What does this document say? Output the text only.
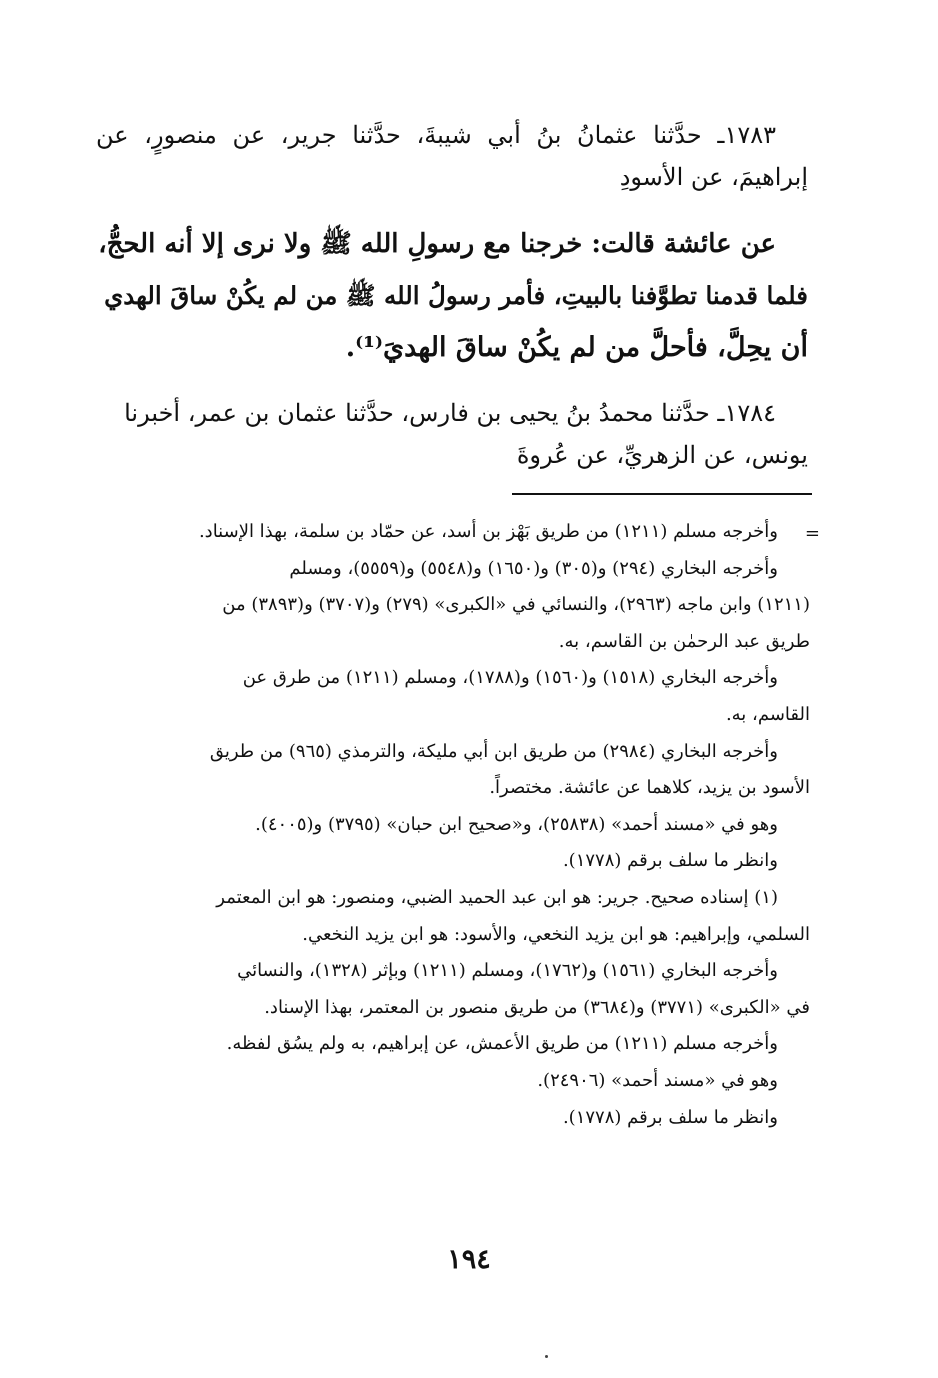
١٧٨٣ـ حدَّثنا عثمانُ بنُ أبي شيبةَ، حدَّثنا جرير، عن منصورٍ، عن
إبراهيمَ، عن الأسودِ
عن عائشة قالت: خرجنا مع رسولِ الله ﷺ ولا نرى إلا أنه الحجُّ،
فلما قدمنا تطوَّفنا بالبيتِ، فأمر رسولُ الله ﷺ من لم يكُنْ ساقَ الهدي
أن يحِلَّ، فأحلَّ من لم يكُنْ ساقَ الهديَ⁽¹⁾.
١٧٨٤ـ حدَّثنا محمدُ بنُ يحيى بن فارس، حدَّثنا عثمان بن عمر، أخبرنا
يونس، عن الزهريِّ، عن عُروةَ
=
وأخرجه مسلم (١٢١١) من طريق بَهْز بن أسد، عن حمّاد بن سلمة، بهذا الإسناد.
وأخرجه البخاري (٢٩٤) و(٣٠٥) و(١٦٥٠) و(٥٥٤٨) و(٥٥٥٩)، ومسلم
(١٢١١) وابن ماجه (٢٩٦٣)، والنسائي في «الكبرى» (٢٧٩) و(٣٧٠٧) و(٣٨٩٣) من
طريق عبد الرحمٰن بن القاسم، به.
وأخرجه البخاري (١٥١٨) و(١٥٦٠) و(١٧٨٨)، ومسلم (١٢١١) من طرق عن
القاسم، به.
وأخرجه البخاري (٢٩٨٤) من طريق ابن أبي مليكة، والترمذي (٩٦٥) من طريق
الأسود بن يزيد، كلاهما عن عائشة. مختصراً.
وهو في «مسند أحمد» (٢٥٨٣٨)، و«صحيح ابن حبان» (٣٧٩٥) و(٤٠٠٥).
وانظر ما سلف برقم (١٧٧٨).
(١) إسناده صحيح. جرير: هو ابن عبد الحميد الضبي، ومنصور: هو ابن المعتمر
السلمي، وإبراهيم: هو ابن يزيد النخعي، والأسود: هو ابن يزيد النخعي.
وأخرجه البخاري (١٥٦١) و(١٧٦٢)، ومسلم (١٢١١) وبإثر (١٣٢٨)، والنسائي
في «الكبرى» (٣٧٧١) و(٣٦٨٤) من طريق منصور بن المعتمر، بهذا الإسناد.
وأخرجه مسلم (١٢١١) من طريق الأعمش، عن إبراهيم، به ولم يسُق لفظه.
وهو في «مسند أحمد» (٢٤٩٠٦).
وانظر ما سلف برقم (١٧٧٨).
١٩٤
